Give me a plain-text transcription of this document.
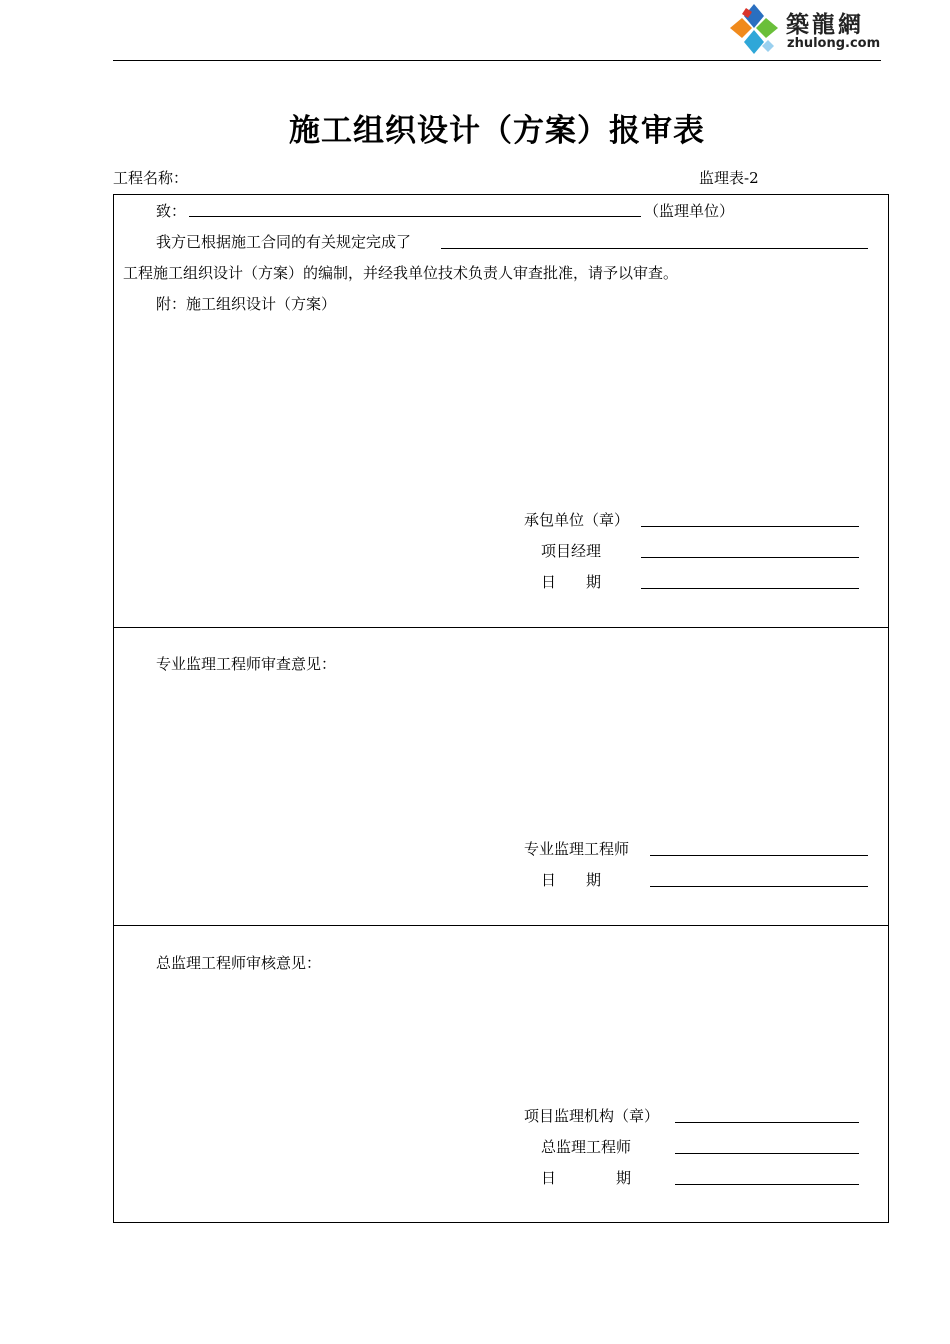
築龍網
zhulong.com
施工组织设计（方案）报审表
工程名称：	监理表-2
致：	（监理单位）
我方已根据施工合同的有关规定完成了
工程施工组织设计（方案）的编制，并经我单位技术负责人审查批准，请予以审查。
附：施工组织设计（方案）
承包单位（章）
项目经理
日　　期
专业监理工程师审查意见：
专业监理工程师
日　　期
总监理工程师审核意见：
项目监理机构（章）
总监理工程师
日　　　　期
